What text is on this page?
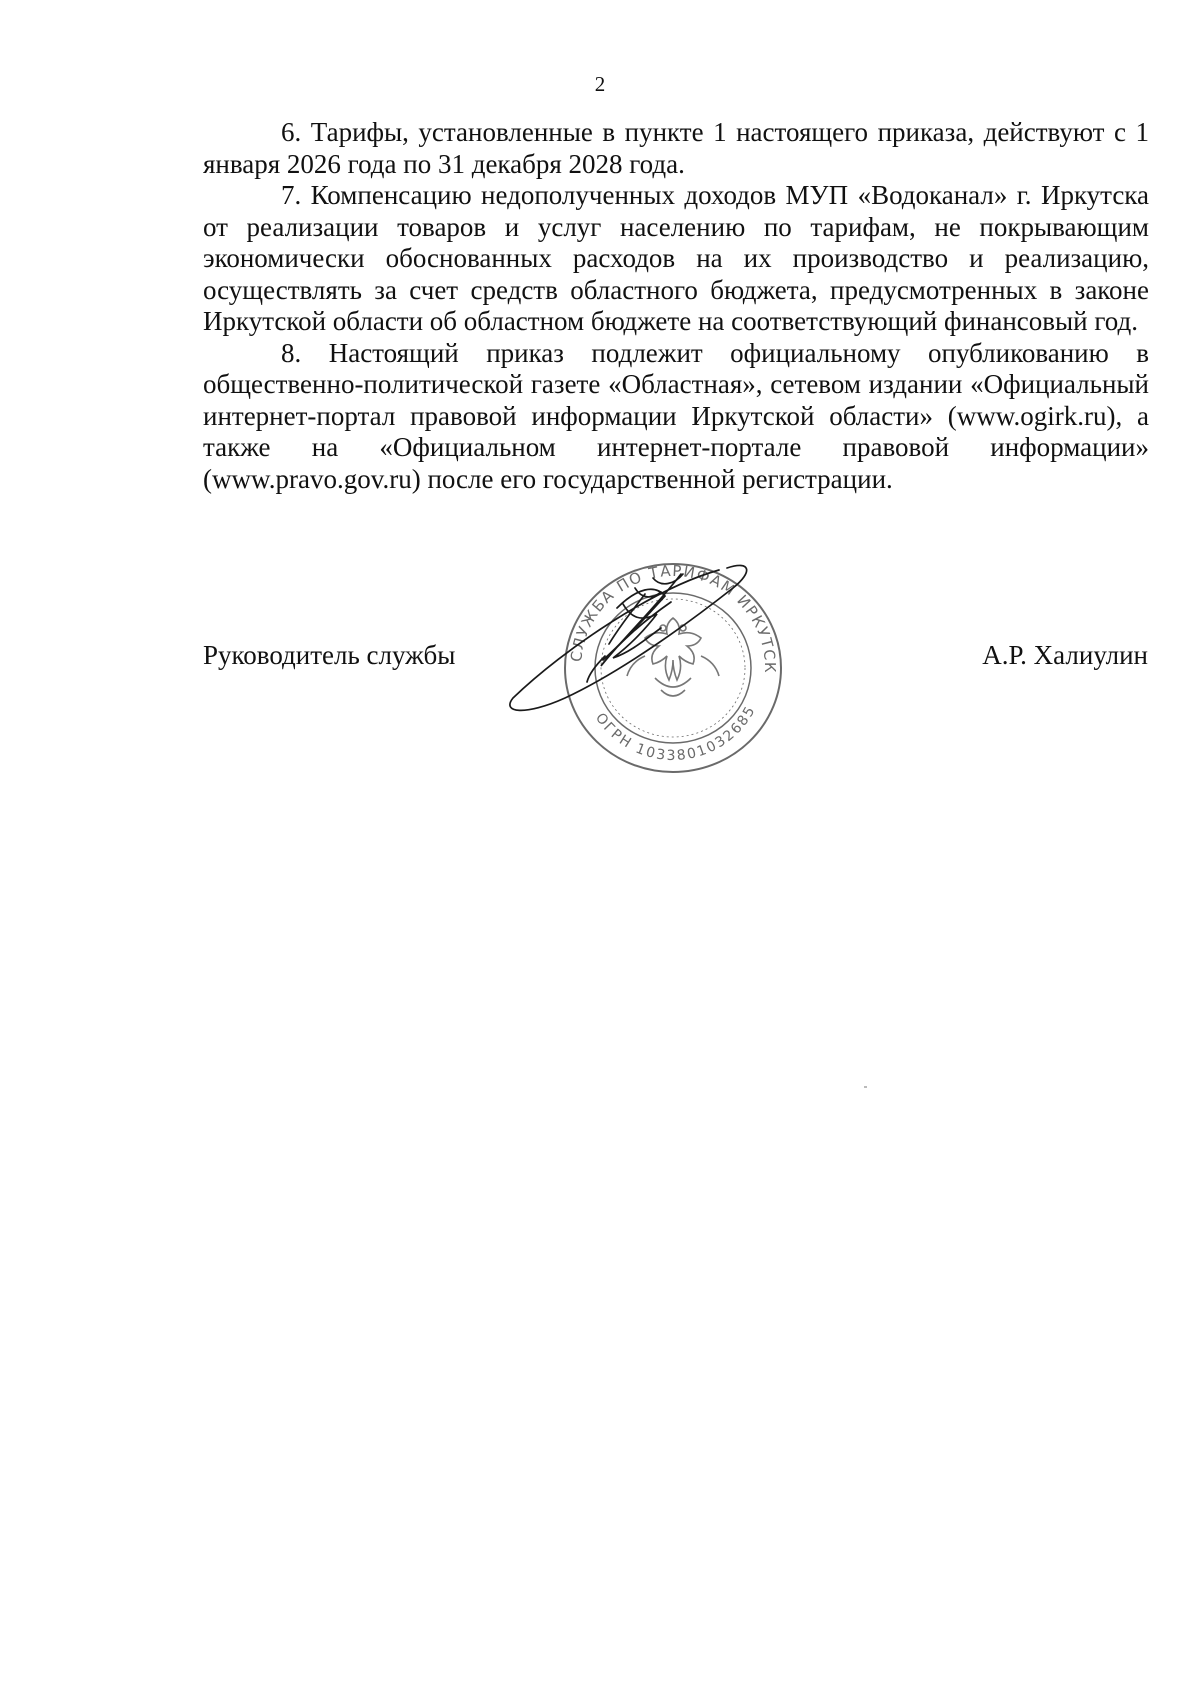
2

6. Тарифы, установленные в пункте 1 настоящего приказа, действуют с 1 января 2026 года по 31 декабря 2028 года.

7. Компенсацию недополученных доходов МУП «Водоканал» г. Иркутска от реализации товаров и услуг населению по тарифам, не покрывающим экономически обоснованных расходов на их производство и реализацию, осуществлять за счет средств областного бюджета, предусмотренных в законе Иркутской области об областном бюджете на соответствующий финансовый год.

8. Настоящий приказ подлежит официальному опубликованию в общественно-политической газете «Областная», сетевом издании «Официальный интернет-портал правовой информации Иркутской области» (www.ogirk.ru), а также на «Официальном интернет-портале правовой информации» (www.pravo.gov.ru) после его государственной регистрации.

Руководитель службы	А.Р. Халиулин
СЛУЖБА ПО ТАРИФАМ ИРКУТСК
ОГРН 1033801032685
